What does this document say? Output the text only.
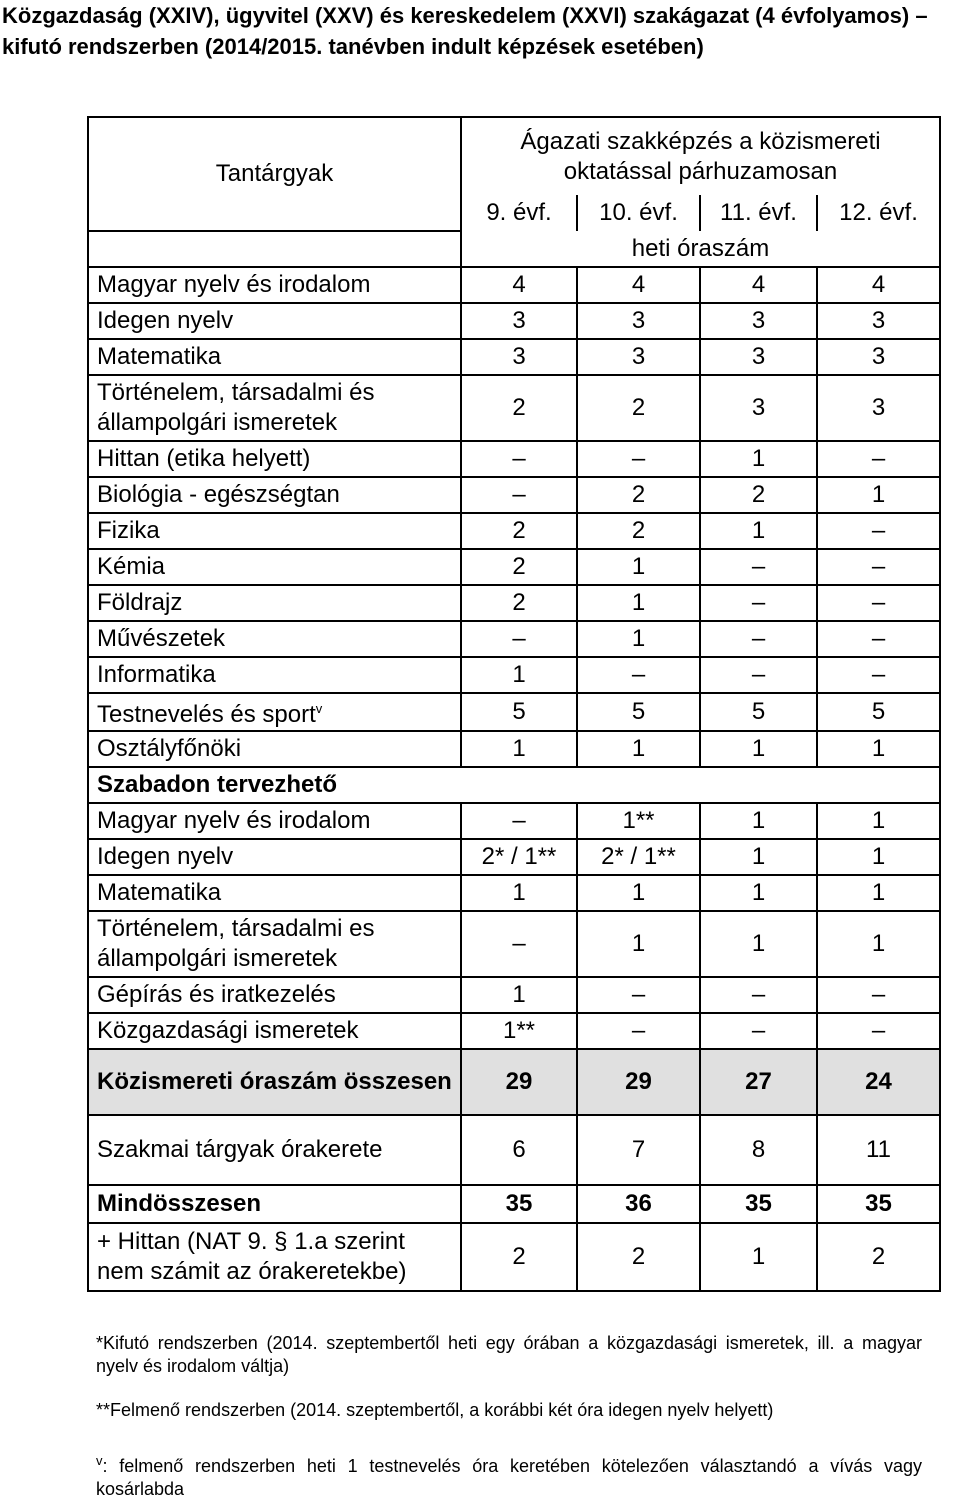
Közgazdaság (XXIV), ügyvitel (XXV) és kereskedelem (XXVI) szakágazat (4 évfolyamos) – kifutó rendszerben (2014/2015. tanévben indult képzések esetében)
Tantárgyak	Ágazati szakképzés a közismereti oktatással párhuzamosan			
	9. évf.	10. évf.	11. évf.	12. évf.
	heti óraszám			
Magyar nyelv és irodalom	4	4	4	4
Idegen nyelv	3	3	3	3
Matematika	3	3	3	3
Történelem, társadalmi és állampolgári ismeretek	2	2	3	3
Hittan (etika helyett)	–	–	1	–
Biológia - egészségtan	–	2	2	1
Fizika	2	2	1	–
Kémia	2	1	–	–
Földrajz	2	1	–	–
Művészetek	–	1	–	–
Informatika	1	–	–	–
Testnevelés és sport$^v$	5	5	5	5
Osztályfőnöki	1	1	1	1
Szabadon tervezhető				
Magyar nyelv és irodalom	–	1**	1	1
Idegen nyelv	2* / 1**	2* / 1**	1	1
Matematika	1	1	1	1
Történelem, társadalmi es állampolgári ismeretek	–	1	1	1
Gépírás és iratkezelés	1	–	–	–
Közgazdasági ismeretek	1**	–	–	–
Közismereti óraszám összesen	29	29	27	24
Szakmai tárgyak órakerete	6	7	8	11
Mindösszesen	35	36	35	35
+ Hittan (NAT 9. § 1.a szerint nem számit az órakeretekbe)	2	2	1	2
*Kifutó rendszerben (2014. szeptembertől heti egy órában a közgazdasági ismeretek, ill. a magyar nyelv és irodalom váltja)
**Felmenő rendszerben (2014. szeptembertől, a korábbi két óra idegen nyelv helyett)
$^v$: felmenő rendszerben heti 1 testnevelés óra keretében kötelezően választandó a vívás vagy kosárlabda
